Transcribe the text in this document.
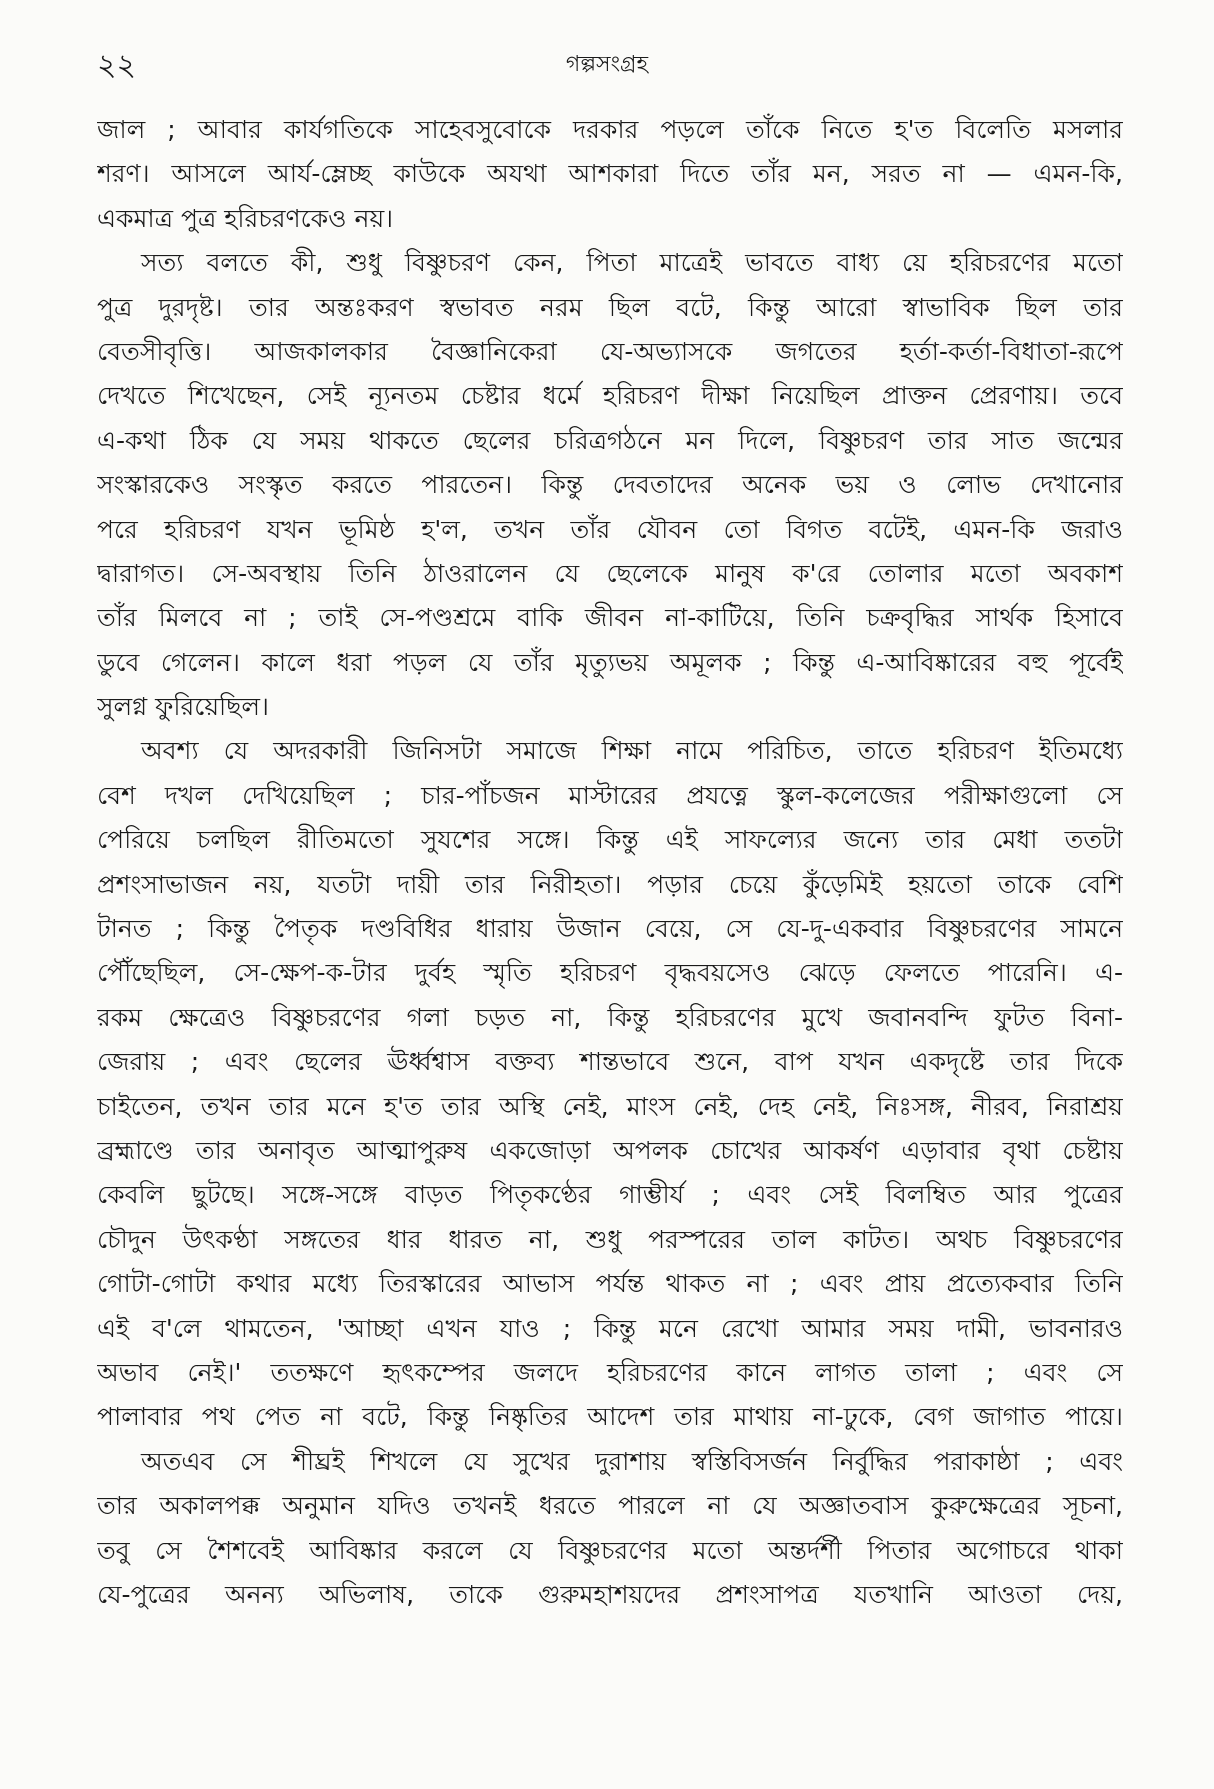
২২	গল্পসংগ্রহ

জাল ; আবার কার্যগতিকে সাহেবসুবোকে দরকার পড়লে তাঁকে নিতে হ'ত বিলেতি মসলার
শরণ। আসলে আর্য-ম্লেচ্ছ কাউকে অযথা আশকারা দিতে তাঁর মন, সরত না — এমন-কি,
একমাত্র পুত্র হরিচরণকেও নয়।
সত্য বলতে কী, শুধু বিষ্ণুচরণ কেন, পিতা মাত্রেই ভাবতে বাধ্য য়ে হরিচরণের মতো
পুত্র দুরদৃষ্ট। তার অন্তঃকরণ স্বভাবত নরম ছিল বটে, কিন্তু আরো স্বাভাবিক ছিল তার
বেতসীবৃত্তি। আজকালকার বৈজ্ঞানিকেরা যে-অভ্যাসকে জগতের হর্তা-কর্তা-বিধাতা-রূপে
দেখতে শিখেছেন, সেই ন্যূনতম চেষ্টার ধর্মে হরিচরণ দীক্ষা নিয়েছিল প্রাক্তন প্রেরণায়। তবে
এ-কথা ঠিক যে সময় থাকতে ছেলের চরিত্রগঠনে মন দিলে, বিষ্ণুচরণ তার সাত জন্মের
সংস্কারকেও সংস্কৃত করতে পারতেন। কিন্তু দেবতাদের অনেক ভয় ও লোভ দেখানোর
পরে হরিচরণ যখন ভূমিষ্ঠ হ'ল, তখন তাঁর যৌবন তো বিগত বটেই, এমন-কি জরাও
দ্বারাগত। সে-অবস্থায় তিনি ঠাওরালেন যে ছেলেকে মানুষ ক'রে তোলার মতো অবকাশ
তাঁর মিলবে না ; তাই সে-পণ্ডশ্রমে বাকি জীবন না-কাটিয়ে, তিনি চক্রবৃদ্ধির সার্থক হিসাবে
ডুবে গেলেন। কালে ধরা পড়ল যে তাঁর মৃত্যুভয় অমূলক ; কিন্তু এ-আবিষ্কারের বহু পূর্বেই
সুলগ্ন ফুরিয়েছিল।
অবশ্য যে অদরকারী জিনিসটা সমাজে শিক্ষা নামে পরিচিত, তাতে হরিচরণ ইতিমধ্যে
বেশ দখল দেখিয়েছিল ; চার-পাঁচজন মাস্টারের প্রযত্নে স্কুল-কলেজের পরীক্ষাগুলো সে
পেরিয়ে চলছিল রীতিমতো সুযশের সঙ্গে। কিন্তু এই সাফল্যের জন্যে তার মেধা ততটা
প্রশংসাভাজন নয়, যতটা দায়ী তার নিরীহতা। পড়ার চেয়ে কুঁড়েমিই হয়তো তাকে বেশি
টানত ; কিন্তু পৈতৃক দণ্ডবিধির ধারায় উজান বেয়ে, সে যে-দু-একবার বিষ্ণুচরণের সামনে
পৌঁছেছিল, সে-ক্ষেপ-ক-টার দুর্বহ স্মৃতি হরিচরণ বৃদ্ধবয়সেও ঝেড়ে ফেলতে পারেনি। এ-
রকম ক্ষেত্রেও বিষ্ণুচরণের গলা চড়ত না, কিন্তু হরিচরণের মুখে জবানবন্দি ফুটত বিনা-
জেরায় ; এবং ছেলের ঊর্ধ্বশ্বাস বক্তব্য শান্তভাবে শুনে, বাপ যখন একদৃষ্টে তার দিকে
চাইতেন, তখন তার মনে হ'ত তার অস্থি নেই, মাংস নেই, দেহ নেই, নিঃসঙ্গ, নীরব, নিরাশ্রয়
ব্রহ্মাণ্ডে তার অনাবৃত আত্মাপুরুষ একজোড়া অপলক চোখের আকর্ষণ এড়াবার বৃথা চেষ্টায়
কেবলি ছুটছে। সঙ্গে-সঙ্গে বাড়ত পিতৃকণ্ঠের গাম্ভীর্য ; এবং সেই বিলম্বিত আর পুত্রের
চৌদুন উৎকণ্ঠা সঙ্গতের ধার ধারত না, শুধু পরস্পরের তাল কাটত। অথচ বিষ্ণুচরণের
গোটা-গোটা কথার মধ্যে তিরস্কারের আভাস পর্যন্ত থাকত না ; এবং প্রায় প্রত্যেকবার তিনি
এই ব'লে থামতেন, 'আচ্ছা এখন যাও ; কিন্তু মনে রেখো আমার সময় দামী, ভাবনারও
অভাব নেই।' ততক্ষণে হৃৎকম্পের জলদে হরিচরণের কানে লাগত তালা ; এবং সে
পালাবার পথ পেত না বটে, কিন্তু নিষ্কৃতির আদেশ তার মাথায় না-ঢুকে, বেগ জাগাত পায়ে।
অতএব সে শীঘ্রই শিখলে যে সুখের দুরাশায় স্বস্তিবিসর্জন নির্বুদ্ধির পরাকাষ্ঠা ; এবং
তার অকালপক্ক অনুমান যদিও তখনই ধরতে পারলে না যে অজ্ঞাতবাস কুরুক্ষেত্রের সূচনা,
তবু সে শৈশবেই আবিষ্কার করলে যে বিষ্ণুচরণের মতো অন্তর্দর্শী পিতার অগোচরে থাকা
যে-পুত্রের অনন্য অভিলাষ, তাকে গুরুমহাশয়দের প্রশংসাপত্র যতখানি আওতা দেয়,
